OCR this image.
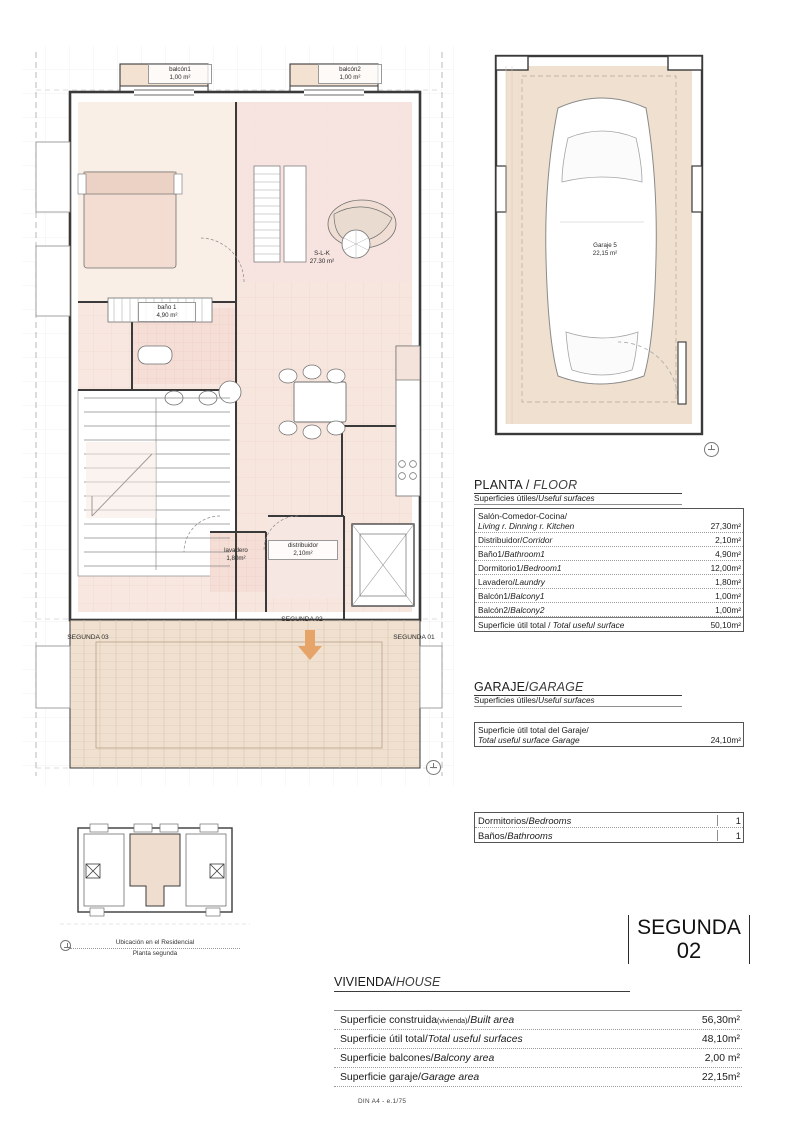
balcón1
1,00 m²
balcón2
1,00 m²
S-L-K
27.30 m²
baño 1
4,90 m²
lavadero
1,80m²
distribuidor
2,10m²
SEGUNDA 03
SEGUNDA 02
SEGUNDA 01
Garaje 5
22,15 m²
PLANTA / FLOOR
Superficies útiles/Useful surfaces
Salón-Comedor-Cocina/
Living r. Dinning r. Kitchen	27,30m²
Distribuidor/Corridor	2,10m²
Baño1/Bathroom1	4,90m²
Dormitorio1/Bedroom1	12,00m²
Lavadero/Laundry	1,80m²
Balcón1/Balcony1	1,00m²
Balcón2/Balcony2	1,00m²
Superficie útil total / Total useful surface	50,10m²
GARAJE/GARAGE
Superficies útiles/Useful surfaces
Superficie útil total del Garaje/
Total useful surface Garage	24,10m²
Dormitorios/Bedrooms	1
Baños/Bathrooms	1
SEGUNDA
02
VIVIENDA/HOUSE
Superficie construida(vivienda)/Built area	56,30m²
Superficie útil total/Total useful surfaces	48,10m²
Superficie balcones/Balcony area	2,00 m²
Superficie garaje/Garage area	22,15m²
DIN A4 - e.1/75
Ubicación en el Residencial
Planta segunda
